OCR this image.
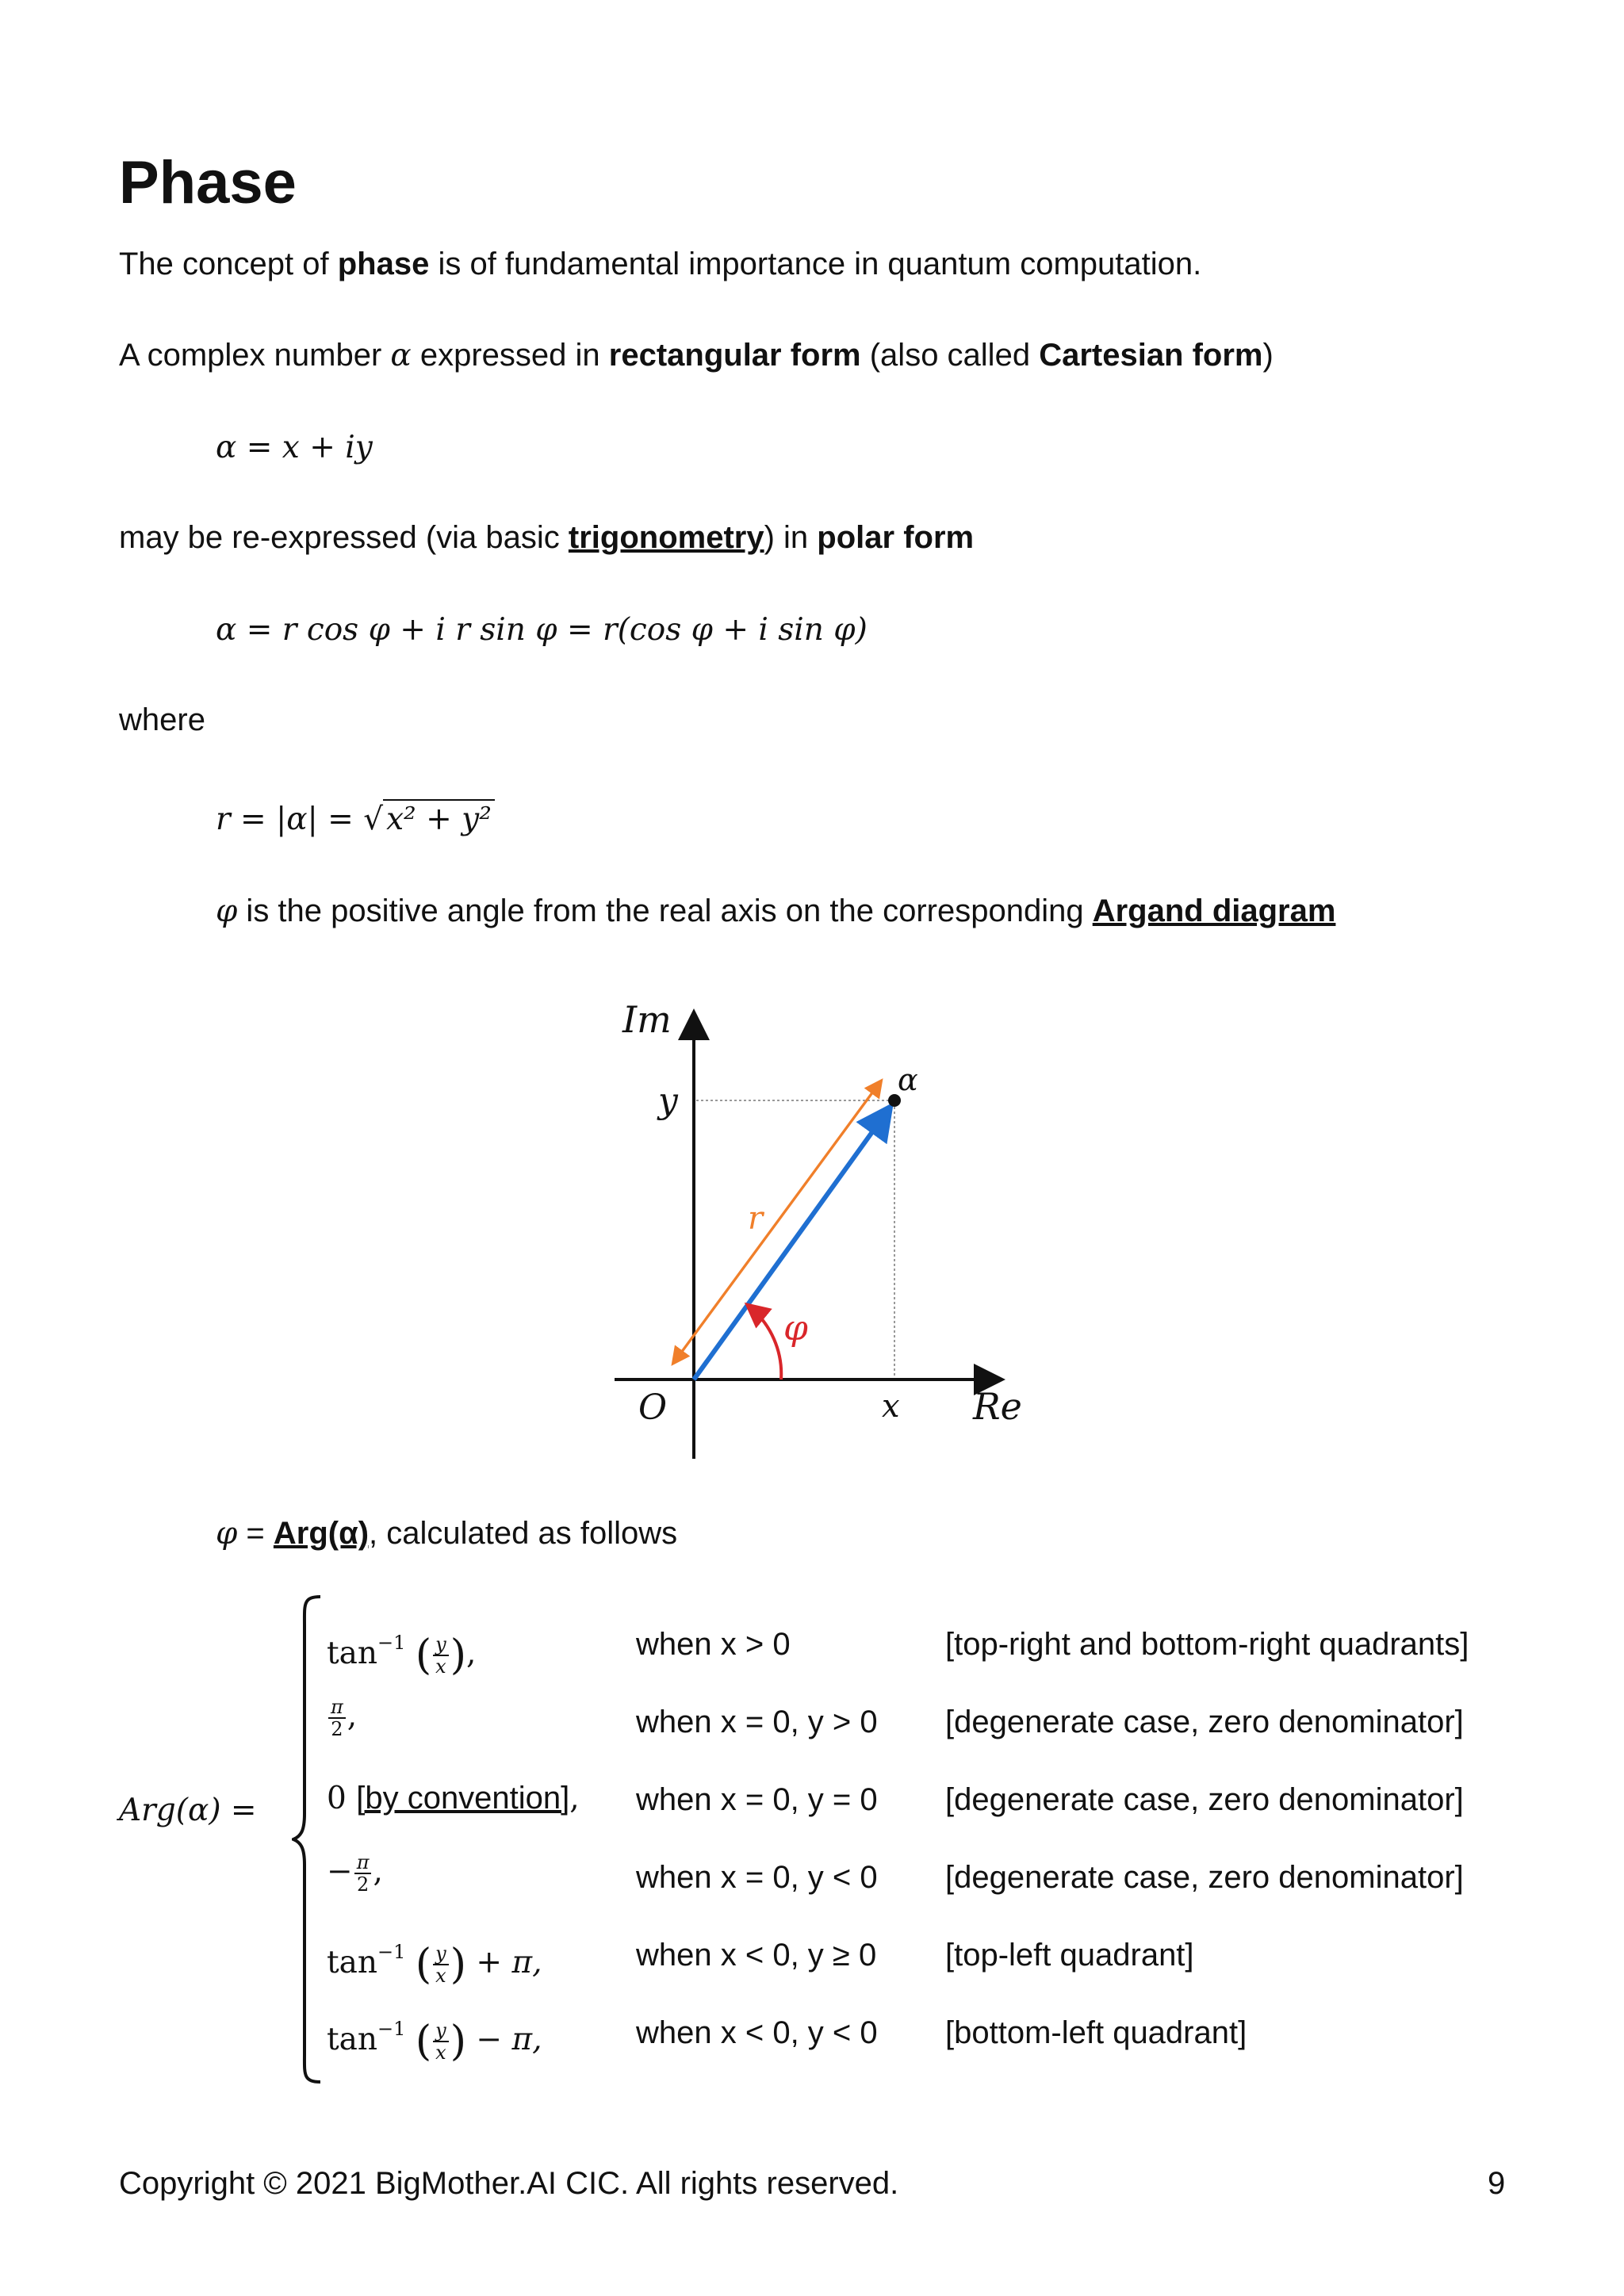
Phase
The concept of phase is of fundamental importance in quantum computation.
A complex number α expressed in rectangular form (also called Cartesian form)
α = x + iy
may be re-expressed (via basic trigonometry) in polar form
α = r cos φ + i r sin φ = r(cos φ + i sin φ)
where
r = |α| = √ x² + y²
φ is the positive angle from the real axis on the corresponding Argand diagram
Im
y
O	x Re
r
φ
α
φ = Arg(α), calculated as follows
Arg(α) =
$\tan^{-1}$ ( $\frac{y}{x}$ ),
$\frac{\pi}{2}$ ,
0 [by convention],
− $\frac{\pi}{2}$ ,
$\tan^{-1}$ ( $\frac{y}{x}$ ) + π,
$\tan^{-1}$ ( $\frac{y}{x}$ ) − π,
when x > 0
when x = 0, y > 0
when x = 0, y = 0
when x = 0, y < 0
when x < 0, y ≥ 0
when x < 0, y < 0
[top-right and bottom-right quadrants]
[degenerate case, zero denominator]
[degenerate case, zero denominator]
[degenerate case, zero denominator]
[top-left quadrant]
[bottom-left quadrant]
Copyright © 2021 BigMother.AI CIC. All rights reserved.	9
